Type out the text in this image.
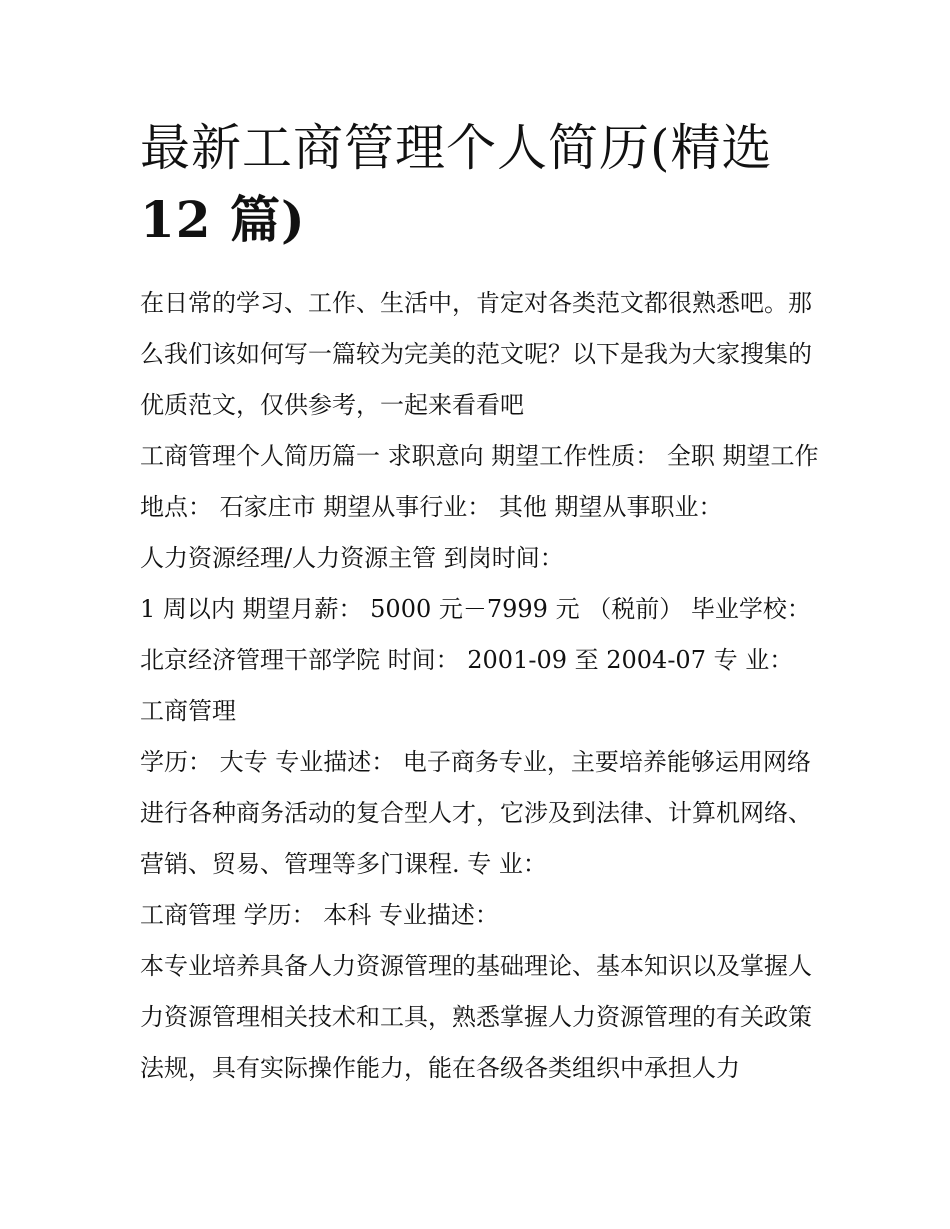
最新工商管理个人简历(精选
12 篇)

在日常的学习、工作、生活中，肯定对各类范文都很熟悉吧。那么我们该如何写一篇较为完美的范文呢？以下是我为大家搜集的优质范文，仅供参考，一起来看看吧

工商管理个人简历篇一 求职意向 期望工作性质： 全职 期望工作地点： 石家庄市 期望从事行业： 其他 期望从事职业：

人力资源经理/人力资源主管 到岗时间：

1 周以内 期望月薪： 5000 元－7999 元 （税前） 毕业学校：北京经济管理干部学院 时间： 2001-09 至 2004-07 专 业： 工商管理

学历： 大专 专业描述： 电子商务专业，主要培养能够运用网络进行各种商务活动的复合型人才，它涉及到法律、计算机网络、营销、贸易、管理等多门课程. 专 业：

工商管理 学历： 本科 专业描述：

本专业培养具备人力资源管理的基础理论、基本知识以及掌握人力资源管理相关技术和工具，熟悉掌握人力资源管理的有关政策法规，具有实际操作能力，能在各级各类组织中承担人力
